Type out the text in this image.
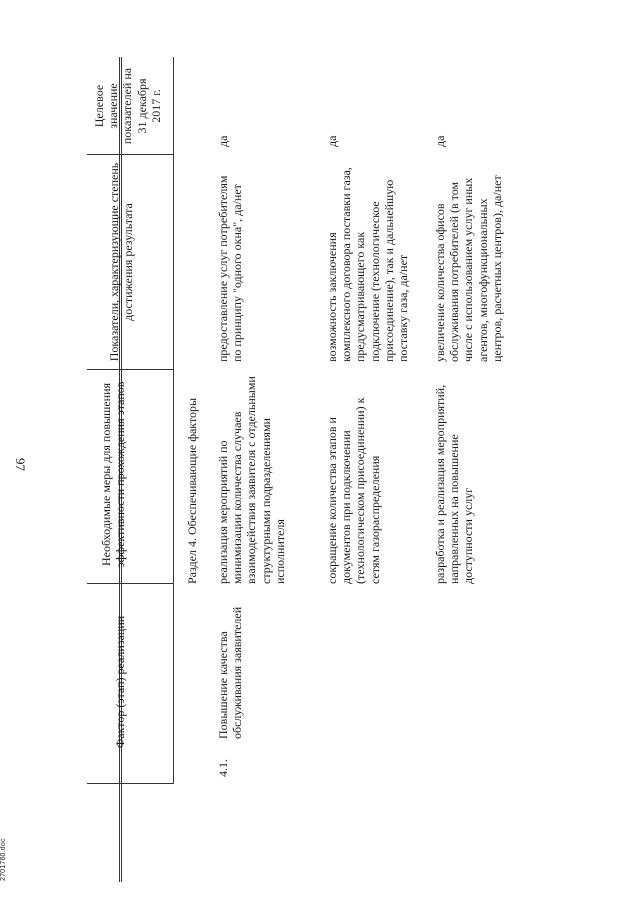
97
2701760.doc
Фактор (этап) реализации
Необходимые меры для повышения эффективности прохождения этапов
Показатели, характеризующие степень достижения результата
Целевое значение показателей на 31 декабря 2017 г.
Раздел 4. Обеспечивающие факторы
4.1.
Повышение качества обслуживания заявителей
реализация мероприятий по минимизации количества случаев взаимодействия заявителя с отдельными структурными подразделениями исполнителя
предоставление услуг потребителям по принципу "одного окна", да/нет
да
сокращение количества этапов и документов при подключении (технологическом присоединении) к сетям газораспределения
возможность заключения комплексного договора поставки газа, предусматривающего как подключение (технологическое присоединение), так и дальнейшую поставку газа, да/нет
да
разработка и реализация мероприятий, направленных на повышение доступности услуг
увеличение количества офисов обслуживания потребителей (в том числе с использованием услуг иных агентов, многофункциональных центров, расчетных центров), да/нет
да
